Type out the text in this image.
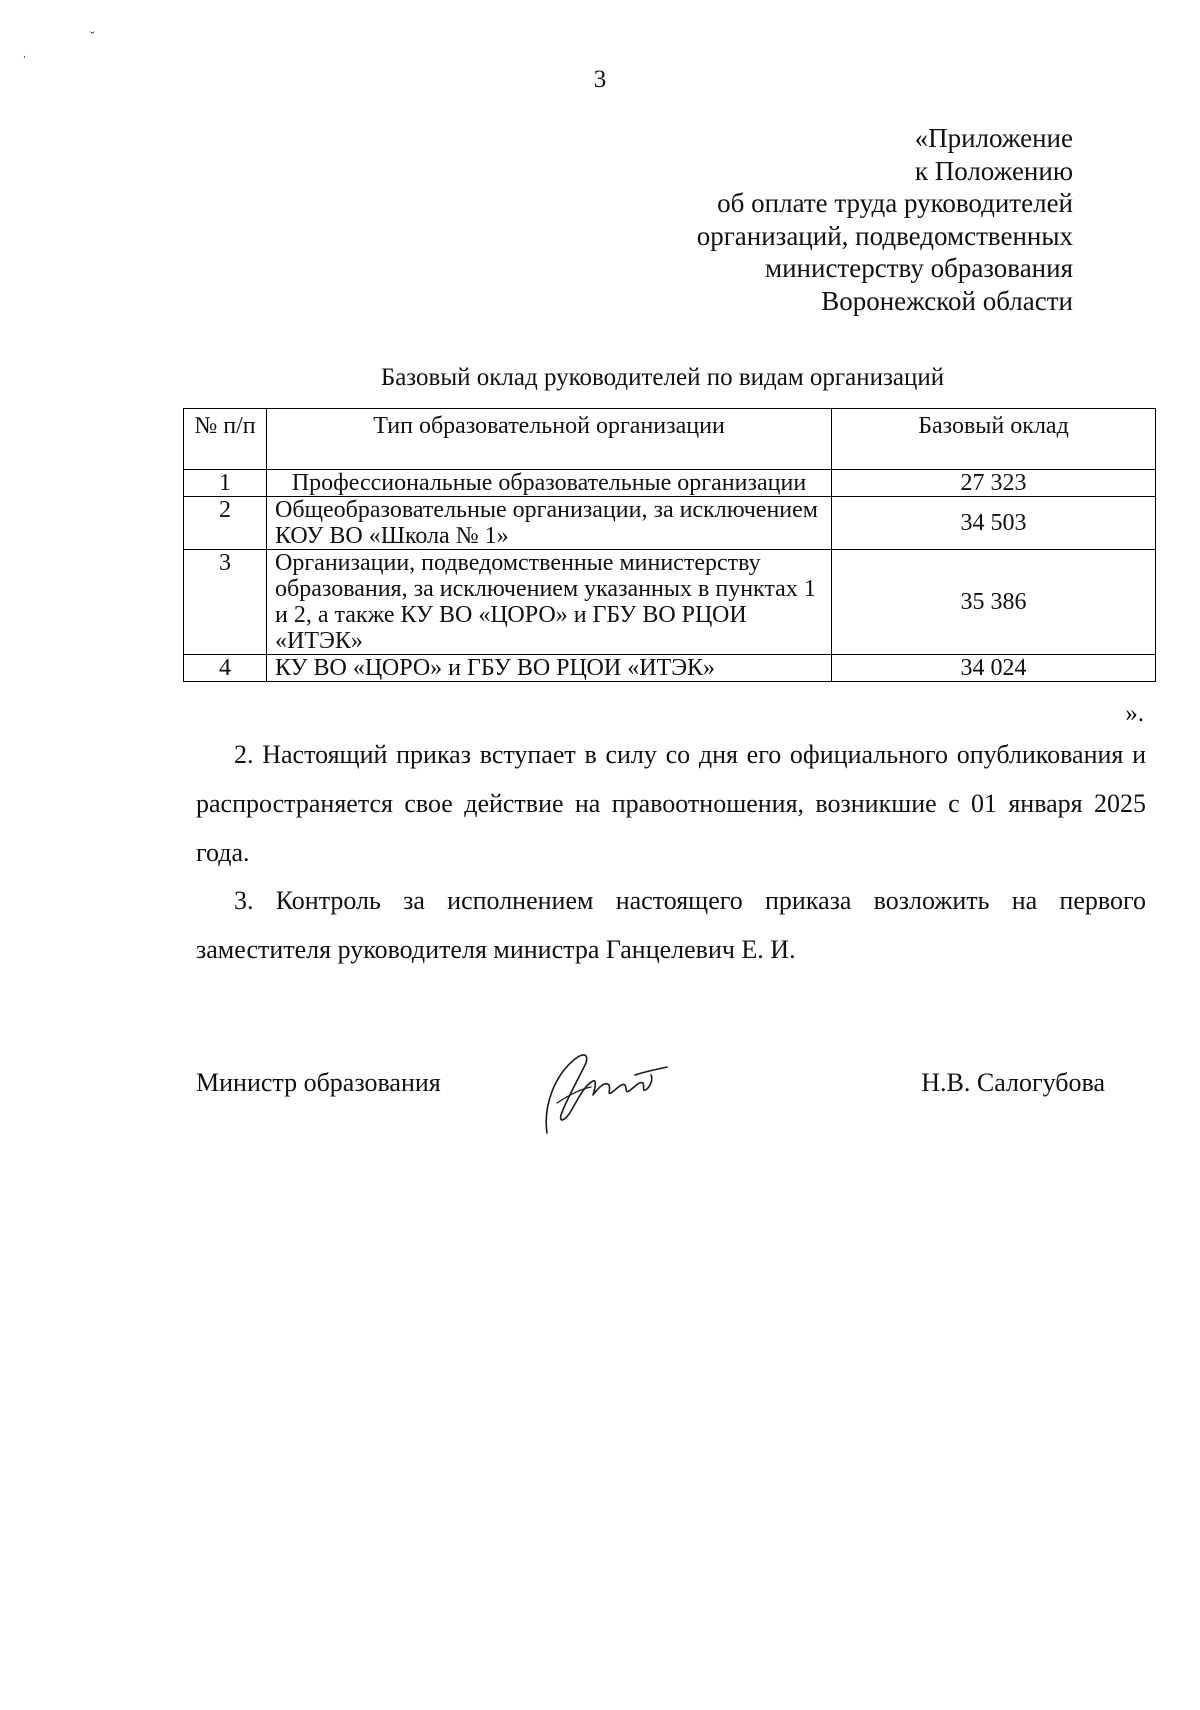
ˌ
ˇ
3
«Приложение
к Положению
об оплате труда руководителей
организаций, подведомственных
министерству образования
Воронежской области
Базовый оклад руководителей по видам организаций
№ п/п	Тип образовательной организации	Базовый оклад
1	Профессиональные образовательные организации	27 323
2	Общеобразовательные организации, за исключением КОУ ВО «Школа № 1»	34 503
3	Организации, подведомственные министерству образования, за исключением указанных в пунктах 1 и 2, а также КУ ВО «ЦОРО» и ГБУ ВО РЦОИ «ИТЭК»	35 386
4	КУ ВО «ЦОРО» и ГБУ ВО РЦОИ «ИТЭК»	34 024
».
2. Настоящий приказ вступает в силу со дня его официального опубликования и распространяется свое действие на правоотношения, возникшие с 01 января 2025 года.
3. Контроль за исполнением настоящего приказа возложить на первого заместителя руководителя министра Ганцелевич Е. И.
Министр образования	Н.В. Салогубова
